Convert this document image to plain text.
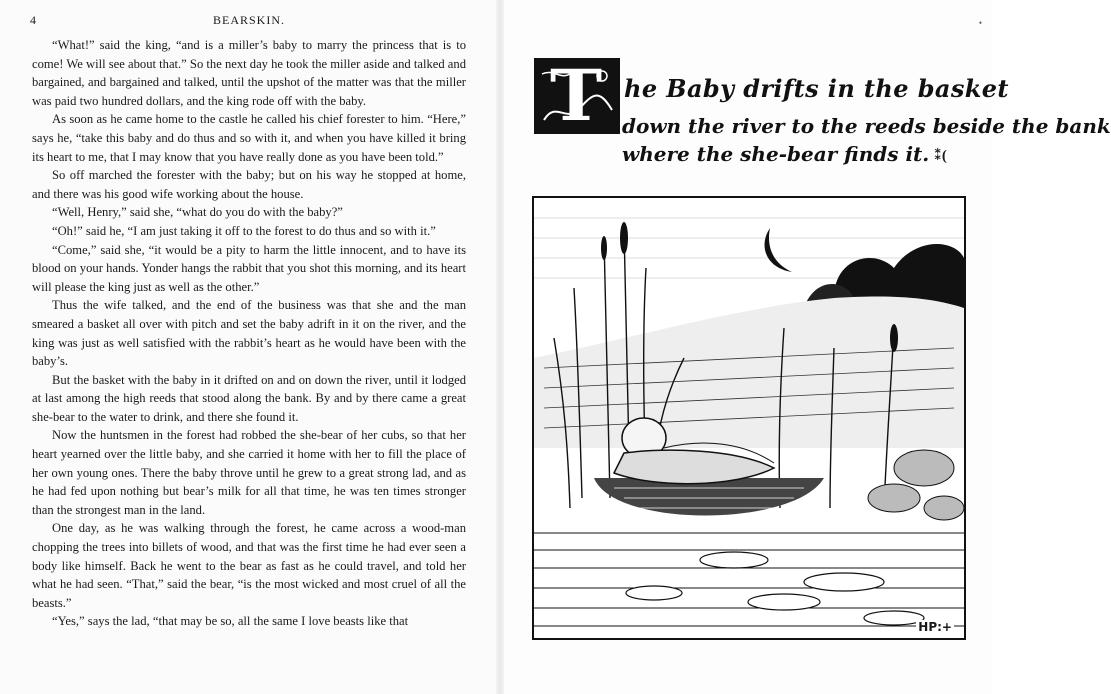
4	BEARSKIN.

“What!” said the king, “and is a miller’s baby to marry the princess that is to come! We will see about that.” So the next day he took the miller aside and talked and bargained, and bargained and talked, until the upshot of the matter was that the miller was paid two hundred dollars, and the king rode off with the baby.

As soon as he came home to the castle he called his chief forester to him. “Here,” says he, “take this baby and do thus and so with it, and when you have killed it bring its heart to me, that I may know that you have really done as you have been told.”

So off marched the forester with the baby; but on his way he stopped at home, and there was his good wife working about the house.

“Well, Henry,” said she, “what do you do with the baby?”

“Oh!” said he, “I am just taking it off to the forest to do thus and so with it.”

“Come,” said she, “it would be a pity to harm the little innocent, and to have its blood on your hands. Yonder hangs the rabbit that you shot this morning, and its heart will please the king just as well as the other.”

Thus the wife talked, and the end of the business was that she and the man smeared a basket all over with pitch and set the baby adrift in it on the river, and the king was just as well satisfied with the rabbit’s heart as he would have been with the baby’s.

But the basket with the baby in it drifted on and on down the river, until it lodged at last among the high reeds that stood along the bank. By and by there came a great she-bear to the water to drink, and there she found it.

Now the huntsmen in the forest had robbed the she-bear of her cubs, so that her heart yearned over the little baby, and she carried it home with her to fill the place of her own young ones. There the baby throve until he grew to a great strong lad, and as he had fed upon nothing but bear’s milk for all that time, he was ten times stronger than the strongest man in the land.

One day, as he was walking through the forest, he came across a wood-man chopping the trees into billets of wood, and that was the first time he had ever seen a body like himself. Back he went to the bear as fast as he could travel, and told her what he had seen. “That,” said the bear, “is the most wicked and most cruel of all the beasts.”

“Yes,” says the lad, “that may be so, all the same I love beasts like that

•
T he Baby drifts in the basket
down the river to the reeds beside the bank
where the she-bear finds it. ⁑(
HP:+
